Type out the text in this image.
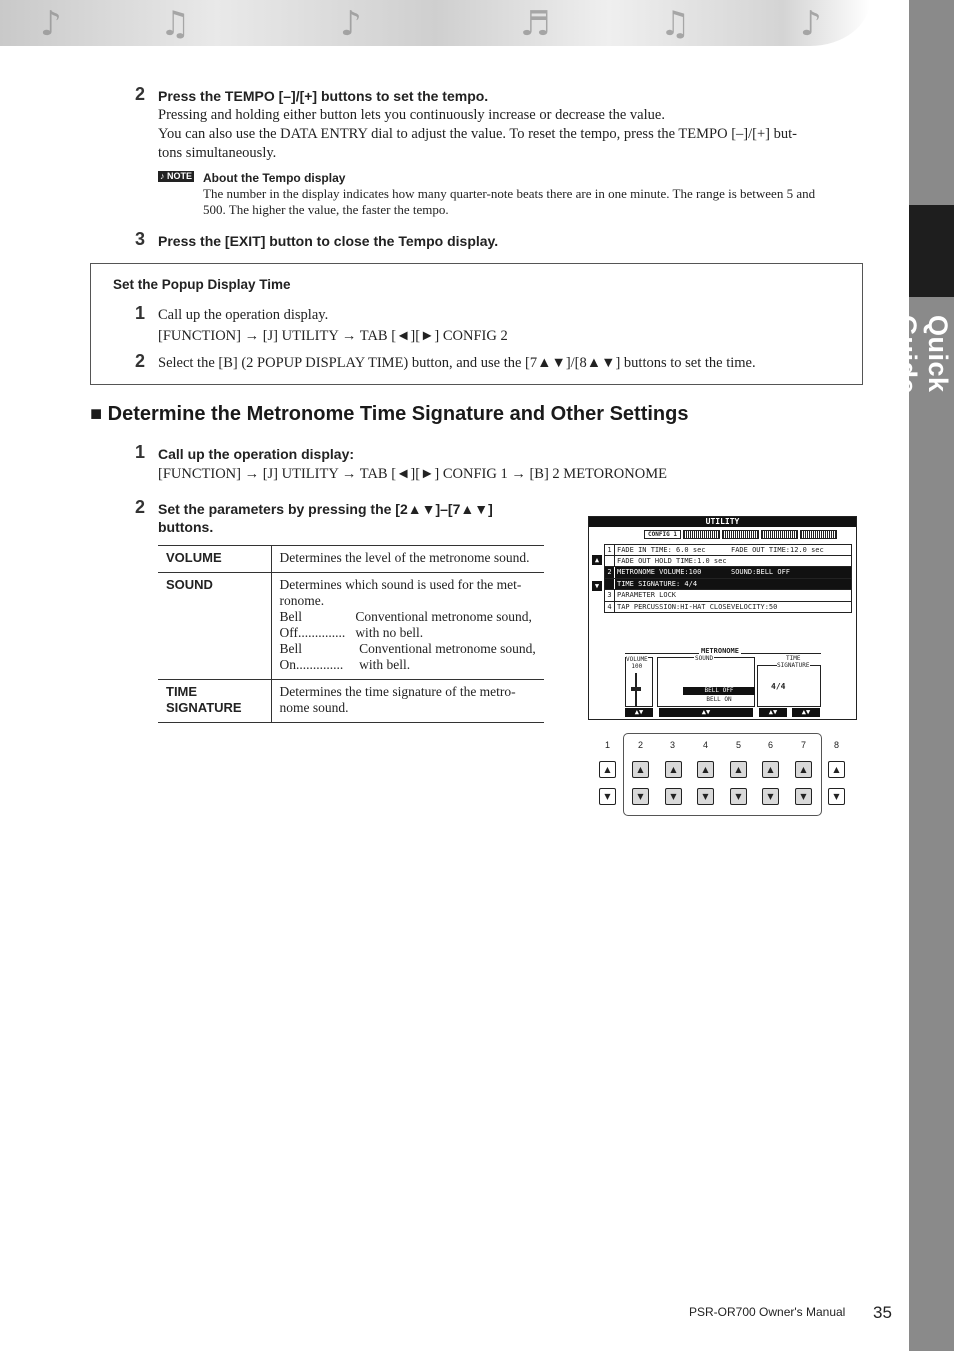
♪	♫	♪	♬	♫	♪
Quick Guide
2 Press the TEMPO [–]/[+] buttons to set the tempo.
Pressing and holding either button lets you continuously increase or decrease the value.
You can also use the DATA ENTRY dial to adjust the value. To reset the tempo, press the TEMPO [–]/[+] but-
tons simultaneously.
♪ NOTE About the Tempo display
The number in the display indicates how many quarter-note beats there are in one minute. The range is between 5 and
500. The higher the value, the faster the tempo.
3 Press the [EXIT] button to close the Tempo display.
Set the Popup Display Time
1 Call up the operation display.
[FUNCTION] → [J] UTILITY → TAB [◄][►] CONFIG 2
2 Select the [B] (2 POPUP DISPLAY TIME) button, and use the [7▲▼]/[8▲▼] buttons to set the time.
■ Determine the Metronome Time Signature and Other Settings
1 Call up the operation display:
[FUNCTION] → [J] UTILITY → TAB [◄][►] CONFIG 1 → [B] 2 METORONOME
2 Set the parameters by pressing the [2▲▼]–[7▲▼]
buttons.
VOLUME	Determines the level of the metronome sound.
SOUND	Determines which sound is used for the met-ronome.
Bell Off..............
Conventional metronome sound, with no bell.
Bell On..............
Conventional metronome sound, with bell.

TIME
SIGNATURE	Determines the time signature of the metro-nome sound.
UTILITY
CONFIG 1
▲
▼
1 FADE IN TIME: 6.0 sec	FADE OUT TIME:12.0 sec
FADE OUT HOLD TIME:1.0 sec
2 METRONOME VOLUME:100	SOUND:BELL OFF
TIME SIGNATURE: 4/4
3 PARAMETER LOCK
4 TAP PERCUSSION:HI-HAT CLOSE VELOCITY:50
METRONOME
VOLUME
100
SOUND
BELL OFF
BELL ON
TIME
SIGNATURE
4/4
▲▼	▲▼	▲▼	▲▼
1	2	3	4	5	6	7	8
▲
▼
▲
▼
▲
▼
▲
▼
▲
▼
▲
▼
▲
▼
▲
▼
PSR-OR700 Owner's Manual 35
